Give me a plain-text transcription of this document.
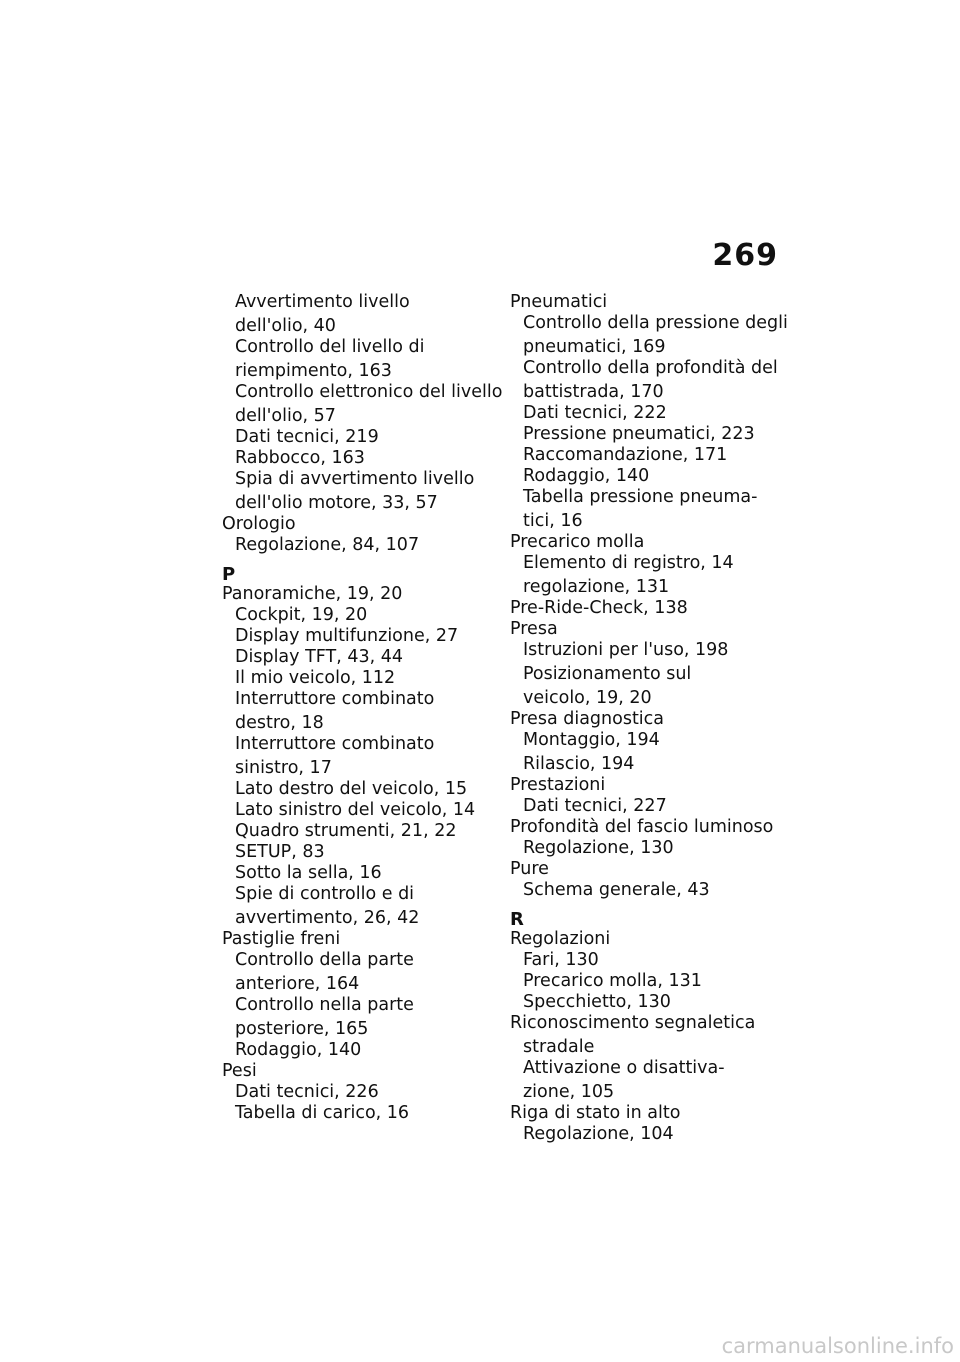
269
Avvertimento livello
dell'olio, 40
Controllo del livello di
riempimento, 163
Controllo elettronico del livello
dell'olio, 57
Dati tecnici, 219
Rabbocco, 163
Spia di avvertimento livello
dell'olio motore, 33, 57
Orologio
Regolazione, 84, 107
P
Panoramiche, 19, 20
Cockpit, 19, 20
Display multifunzione, 27
Display TFT, 43, 44
Il mio veicolo, 112
Interruttore combinato
destro, 18
Interruttore combinato
sinistro, 17
Lato destro del veicolo, 15
Lato sinistro del veicolo, 14
Quadro strumenti, 21, 22
SETUP, 83
Sotto la sella, 16
Spie di controllo e di
avvertimento, 26, 42
Pastiglie freni
Controllo della parte
anteriore, 164
Controllo nella parte
posteriore, 165
Rodaggio, 140
Pesi
Dati tecnici, 226
Tabella di carico, 16
Pneumatici
Controllo della pressione degli
pneumatici, 169
Controllo della profondità del
battistrada, 170
Dati tecnici, 222
Pressione pneumatici, 223
Raccomandazione, 171
Rodaggio, 140
Tabella pressione pneuma-
tici, 16
Precarico molla
Elemento di registro, 14
regolazione, 131
Pre-Ride-Check, 138
Presa
Istruzioni per l'uso, 198
Posizionamento sul
veicolo, 19, 20
Presa diagnostica
Montaggio, 194
Rilascio, 194
Prestazioni
Dati tecnici, 227
Profondità del fascio luminoso
Regolazione, 130
Pure
Schema generale, 43
R
Regolazioni
Fari, 130
Precarico molla, 131
Specchietto, 130
Riconoscimento segnaletica
stradale
Attivazione o disattiva-
zione, 105
Riga di stato in alto
Regolazione, 104
carmanualsonline.info
